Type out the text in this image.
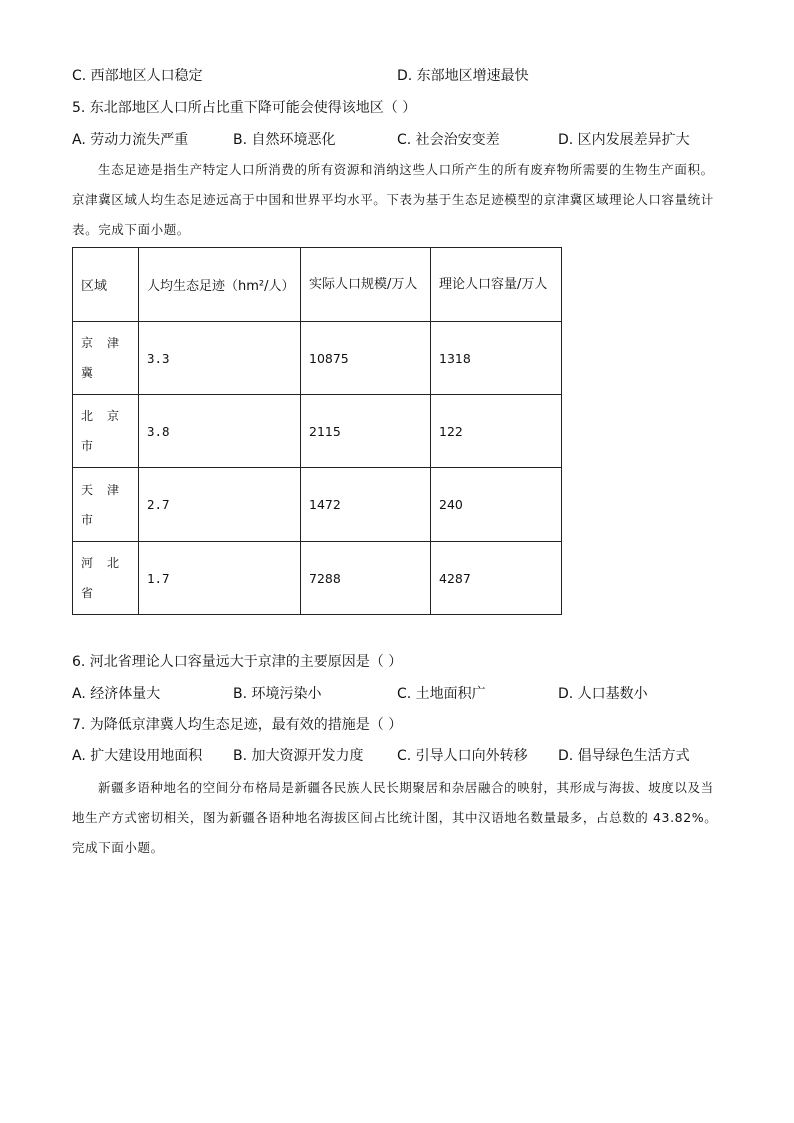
C. 西部地区人口稳定	D. 东部地区增速最快
5. 东北部地区人口所占比重下降可能会使得该地区（ ）
A. 劳动力流失严重	B. 自然环境恶化	C. 社会治安变差	D. 区内发展差异扩大
生态足迹是指生产特定人口所消费的所有资源和消纳这些人口所产生的所有废弃物所需要的生物生产面积。京津冀区域人均生态足迹远高于中国和世界平均水平。下表为基于生态足迹模型的京津冀区域理论人口容量统计表。完成下面小题。
区域	人均生态足迹（hm²/人）	实际人口规模/万人	理论人口容量/万人
京津冀	3.3	10875	1318
北京市	3.8	2115	122
天津市	2.7	1472	240
河北省	1.7	7288	4287
6. 河北省理论人口容量远大于京津的主要原因是（ ）
A. 经济体量大	B. 环境污染小	C. 土地面积广	D. 人口基数小
7. 为降低京津冀人均生态足迹，最有效的措施是（ ）
A. 扩大建设用地面积 B. 加大资源开发力度 C. 引导人口向外转移 D. 倡导绿色生活方式
新疆多语种地名的空间分布格局是新疆各民族人民长期聚居和杂居融合的映射，其形成与海拔、坡度以及当地生产方式密切相关，图为新疆各语种地名海拔区间占比统计图，其中汉语地名数量最多，占总数的 43.82%。完成下面小题。
